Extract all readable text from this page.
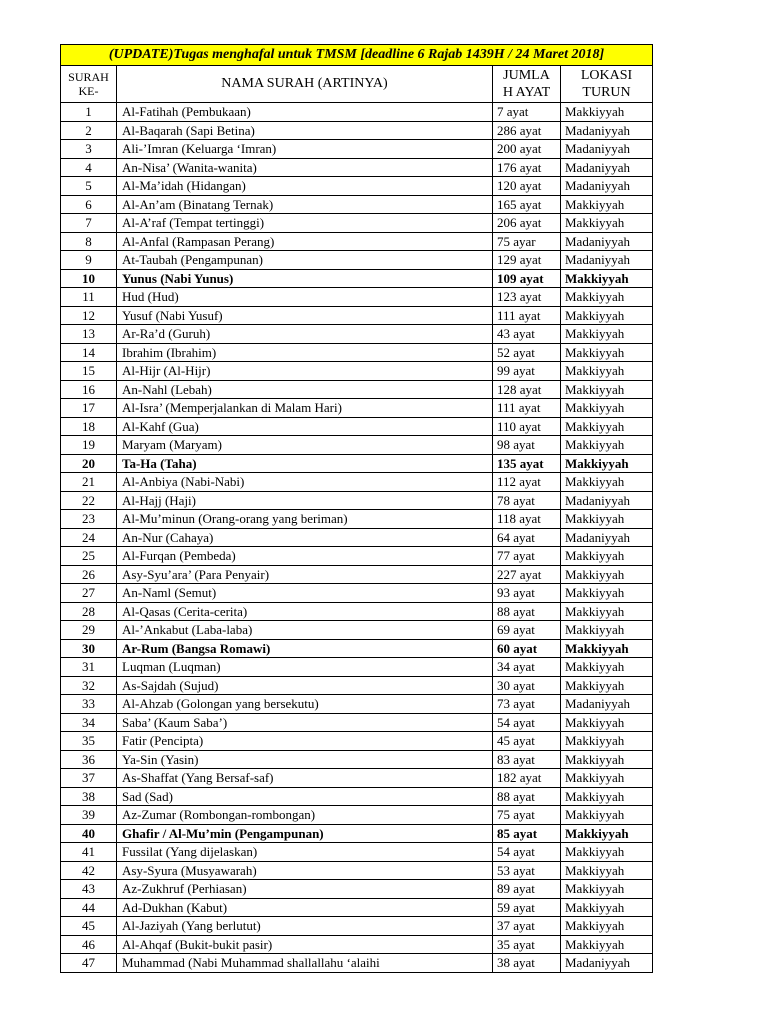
(UPDATE)Tugas menghafal untuk TMSM [deadline 6 Rajab 1439H / 24 Maret 2018]			
SURAH KE-	NAMA SURAH (ARTINYA)	JUMLA H AYAT	LOKASI TURUN
1	Al-Fatihah (Pembukaan)	7 ayat	Makkiyyah
2	Al-Baqarah (Sapi Betina)	286 ayat	Madaniyyah
3	Ali-’Imran (Keluarga ‘Imran)	200 ayat	Madaniyyah
4	An-Nisa’ (Wanita-wanita)	176 ayat	Madaniyyah
5	Al-Ma’idah (Hidangan)	120 ayat	Madaniyyah
6	Al-An’am (Binatang Ternak)	165 ayat	Makkiyyah
7	Al-A’raf (Tempat tertinggi)	206 ayat	Makkiyyah
8	Al-Anfal (Rampasan Perang)	75 ayar	Madaniyyah
9	At-Taubah (Pengampunan)	129 ayat	Madaniyyah
10	Yunus (Nabi Yunus)	109 ayat	Makkiyyah
11	Hud (Hud)	123 ayat	Makkiyyah
12	Yusuf (Nabi Yusuf)	111 ayat	Makkiyyah
13	Ar-Ra’d (Guruh)	43 ayat	Makkiyyah
14	Ibrahim (Ibrahim)	52 ayat	Makkiyyah
15	Al-Hijr (Al-Hijr)	99 ayat	Makkiyyah
16	An-Nahl (Lebah)	128 ayat	Makkiyyah
17	Al-Isra’ (Memperjalankan di Malam Hari)	111 ayat	Makkiyyah
18	Al-Kahf (Gua)	110 ayat	Makkiyyah
19	Maryam (Maryam)	98 ayat	Makkiyyah
20	Ta-Ha (Taha)	135 ayat	Makkiyyah
21	Al-Anbiya (Nabi-Nabi)	112 ayat	Makkiyyah
22	Al-Hajj (Haji)	78 ayat	Madaniyyah
23	Al-Mu’minun (Orang-orang yang beriman)	118 ayat	Makkiyyah
24	An-Nur (Cahaya)	64 ayat	Madaniyyah
25	Al-Furqan (Pembeda)	77 ayat	Makkiyyah
26	Asy-Syu’ara’ (Para Penyair)	227 ayat	Makkiyyah
27	An-Naml (Semut)	93 ayat	Makkiyyah
28	Al-Qasas (Cerita-cerita)	88 ayat	Makkiyyah
29	Al-’Ankabut (Laba-laba)	69 ayat	Makkiyyah
30	Ar-Rum (Bangsa Romawi)	60 ayat	Makkiyyah
31	Luqman (Luqman)	34 ayat	Makkiyyah
32	As-Sajdah (Sujud)	30 ayat	Makkiyyah
33	Al-Ahzab (Golongan yang bersekutu)	73 ayat	Madaniyyah
34	Saba’ (Kaum Saba’)	54 ayat	Makkiyyah
35	Fatir (Pencipta)	45 ayat	Makkiyyah
36	Ya-Sin (Yasin)	83 ayat	Makkiyyah
37	As-Shaffat (Yang Bersaf-saf)	182 ayat	Makkiyyah
38	Sad (Sad)	88 ayat	Makkiyyah
39	Az-Zumar (Rombongan-rombongan)	75 ayat	Makkiyyah
40	Ghafir / Al-Mu’min (Pengampunan)	85 ayat	Makkiyyah
41	Fussilat (Yang dijelaskan)	54 ayat	Makkiyyah
42	Asy-Syura (Musyawarah)	53 ayat	Makkiyyah
43	Az-Zukhruf (Perhiasan)	89 ayat	Makkiyyah
44	Ad-Dukhan (Kabut)	59 ayat	Makkiyyah
45	Al-Jaziyah (Yang berlutut)	37 ayat	Makkiyyah
46	Al-Ahqaf (Bukit-bukit pasir)	35 ayat	Makkiyyah
47	Muhammad (Nabi Muhammad shallallahu ‘alaihi	38 ayat	Madaniyyah
